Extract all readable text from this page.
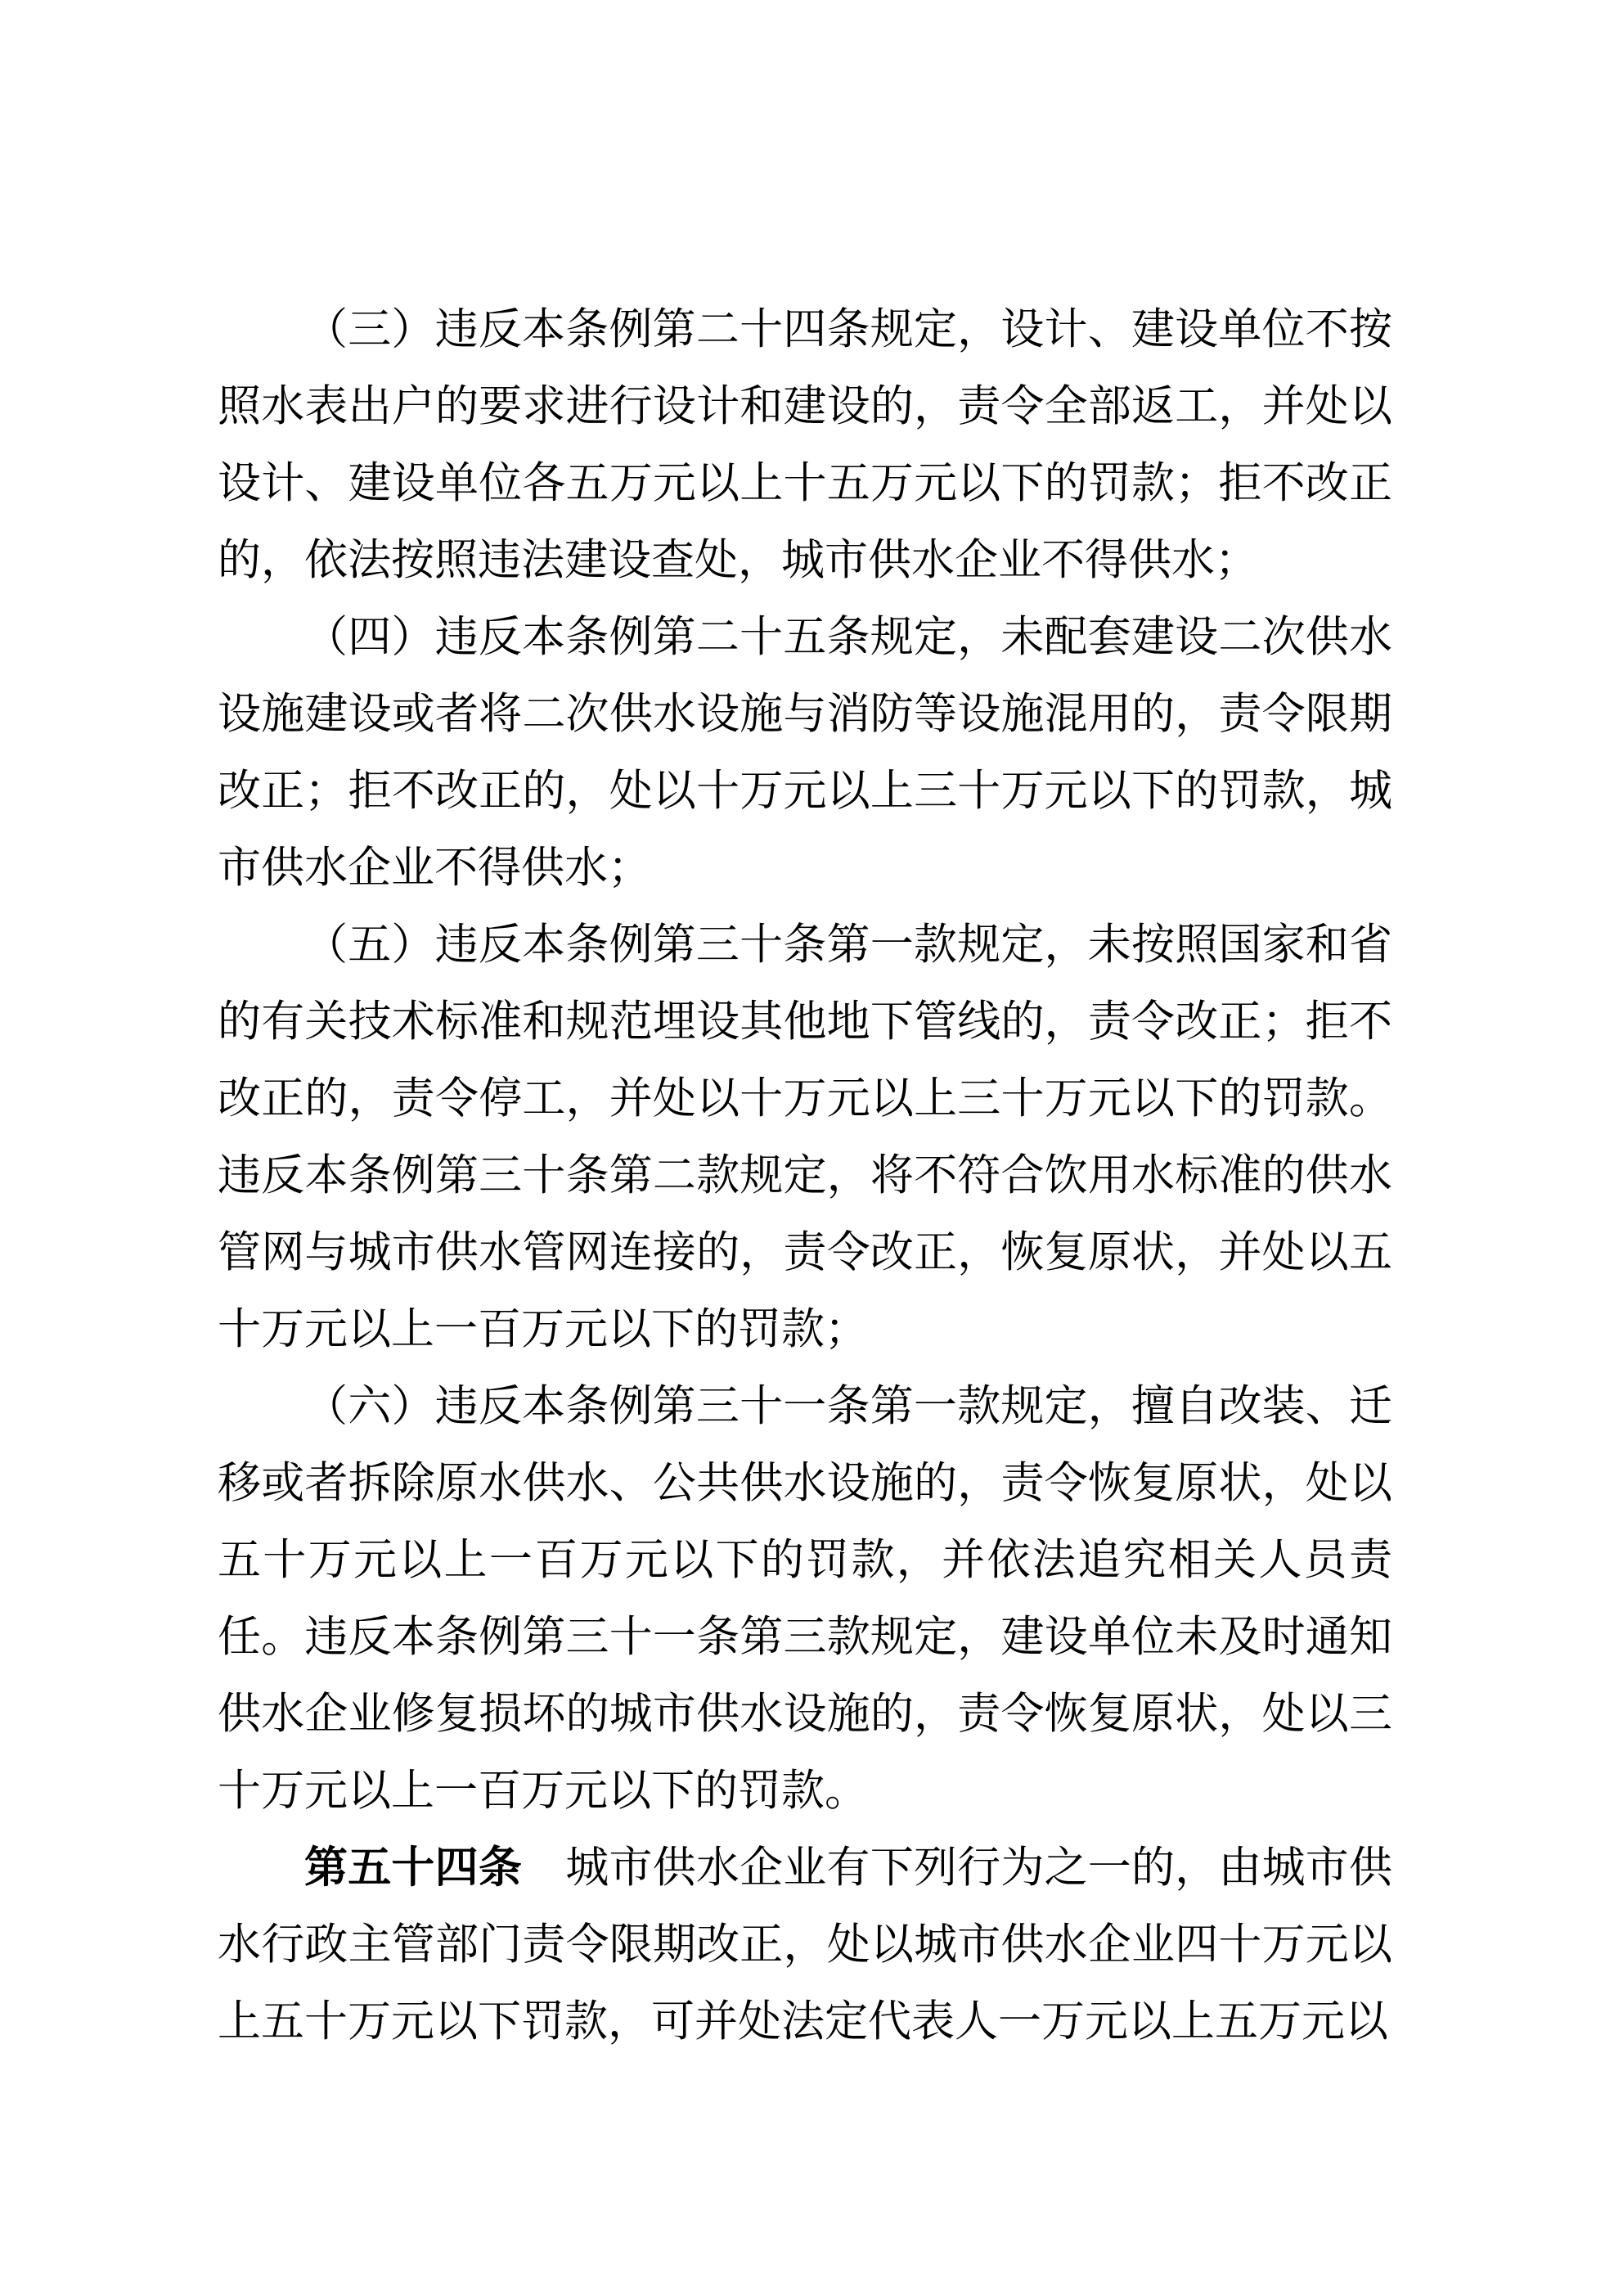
（三）违反本条例第二十四条规定，设计、建设单位不按照水表出户的要求进行设计和建设的，责令全部返工，并处以设计、建设单位各五万元以上十五万元以下的罚款；拒不改正的，依法按照违法建设查处，城市供水企业不得供水；

（四）违反本条例第二十五条规定，未配套建设二次供水设施建设或者将二次供水设施与消防等设施混用的，责令限期改正；拒不改正的，处以十万元以上三十万元以下的罚款，城市供水企业不得供水；

（五）违反本条例第三十条第一款规定，未按照国家和省的有关技术标准和规范埋设其他地下管线的，责令改正；拒不改正的，责令停工，并处以十万元以上三十万元以下的罚款。违反本条例第三十条第二款规定，将不符合饮用水标准的供水管网与城市供水管网连接的，责令改正，恢复原状，并处以五十万元以上一百万元以下的罚款；

（六）违反本条例第三十一条第一款规定，擅自改装、迁移或者拆除原水供水、公共供水设施的，责令恢复原状，处以五十万元以上一百万元以下的罚款，并依法追究相关人员责任。违反本条例第三十一条第三款规定，建设单位未及时通知供水企业修复损坏的城市供水设施的，责令恢复原状，处以三十万元以上一百万元以下的罚款。

第五十四条　城市供水企业有下列行为之一的，由城市供水行政主管部门责令限期改正，处以城市供水企业四十万元以上五十万元以下罚款，可并处法定代表人一万元以上五万元以
